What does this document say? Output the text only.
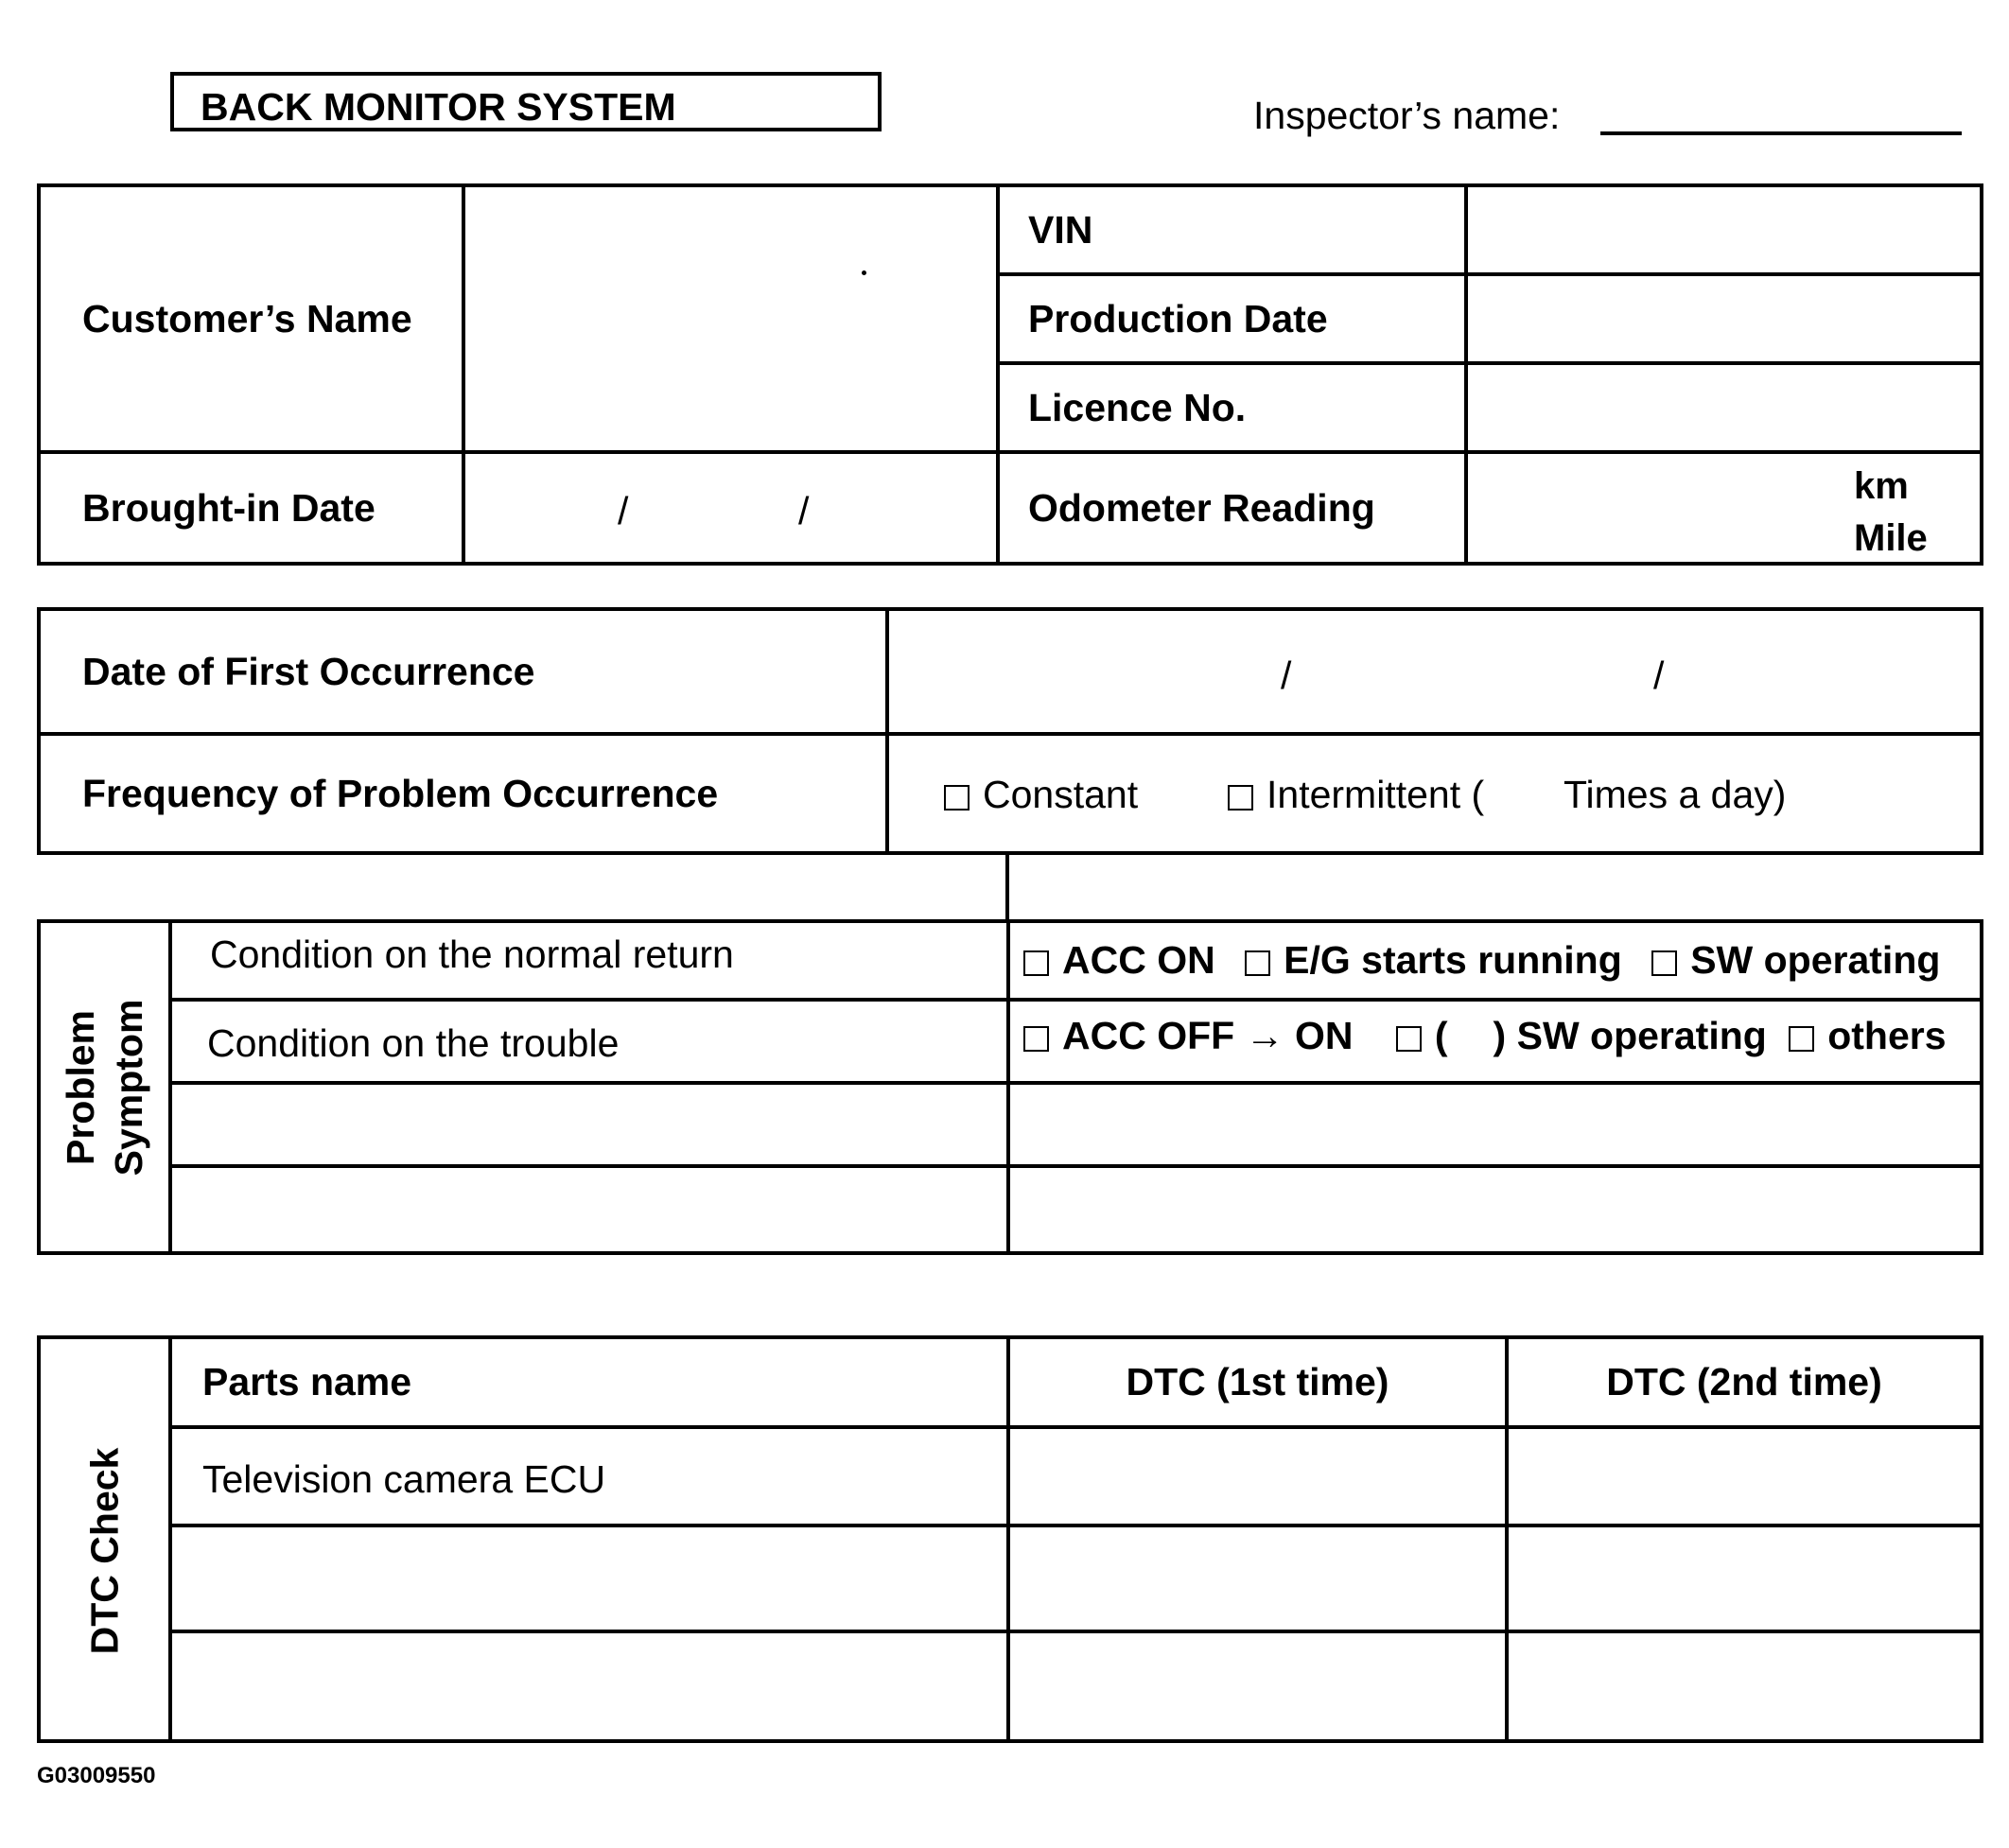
BACK MONITOR SYSTEM	Inspector’s name:
Customer’s Name		VIN	
		Production Date	
		Licence No.	
Brought-in Date	/ /	Odometer Reading	km
Mile
Date of First Occurrence	/ /

Frequency of Problem Occurrence	Constant Intermittent ( Times a day)
Problem Symptom	Condition on the normal return	ACC ON E/G starts running SW operating
	Condition on the trouble	ACC OFF → ON ( ) SW operating others

DTC Check	Parts name	DTC (1st time)	DTC (2nd time)
	Television camera ECU		

G03009550
